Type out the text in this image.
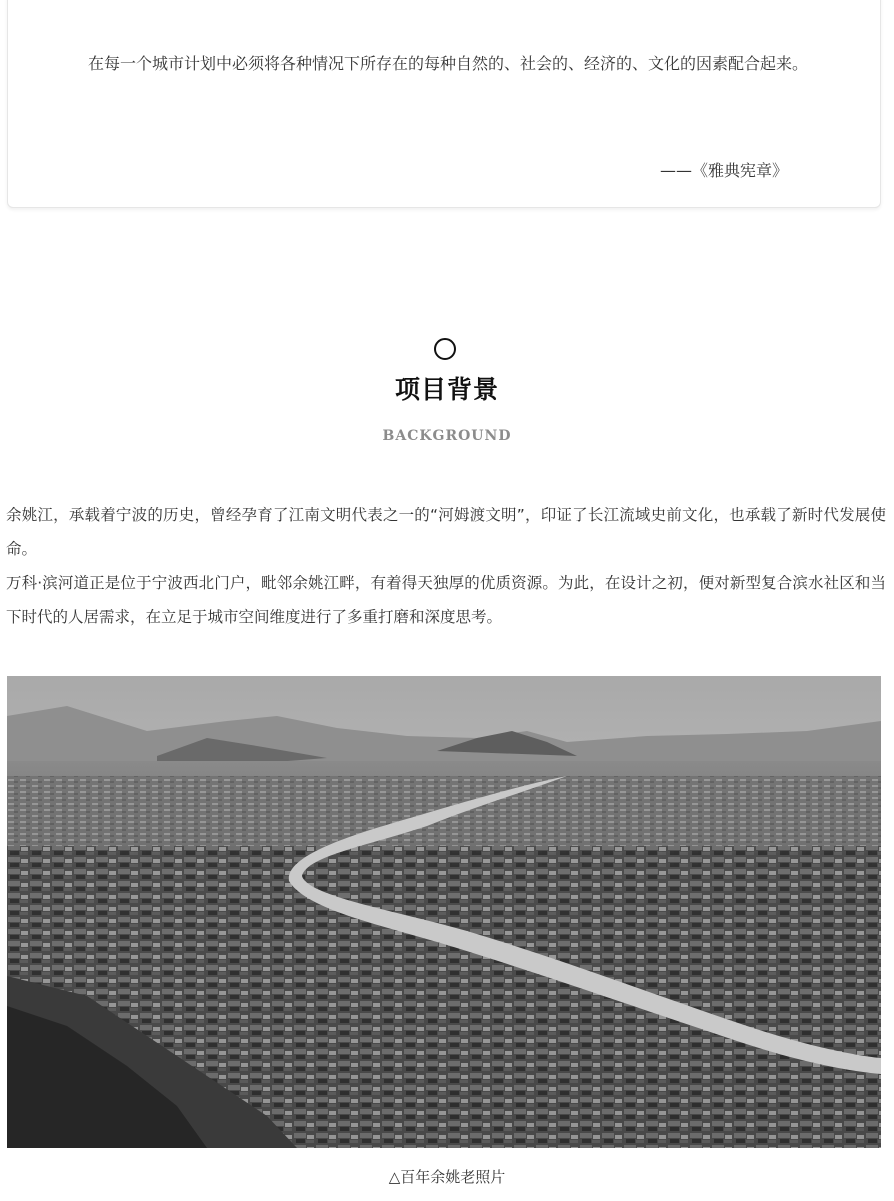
在每一个城市计划中必须将各种情况下所存在的每种自然的、社会的、经济的、文化的因素配合起来。
——《雅典宪章》
项目背景
BACKGROUND
余姚江，承载着宁波的历史，曾经孕育了江南文明代表之一的“河姆渡文明”，印证了长江流域史前文化，也承载了新时代发展使命。
万科·滨河道正是位于宁波西北门户，毗邻余姚江畔，有着得天独厚的优质资源。为此，在设计之初，便对新型复合滨水社区和当下时代的人居需求，在立足于城市空间维度进行了多重打磨和深度思考。
△百年余姚老照片
